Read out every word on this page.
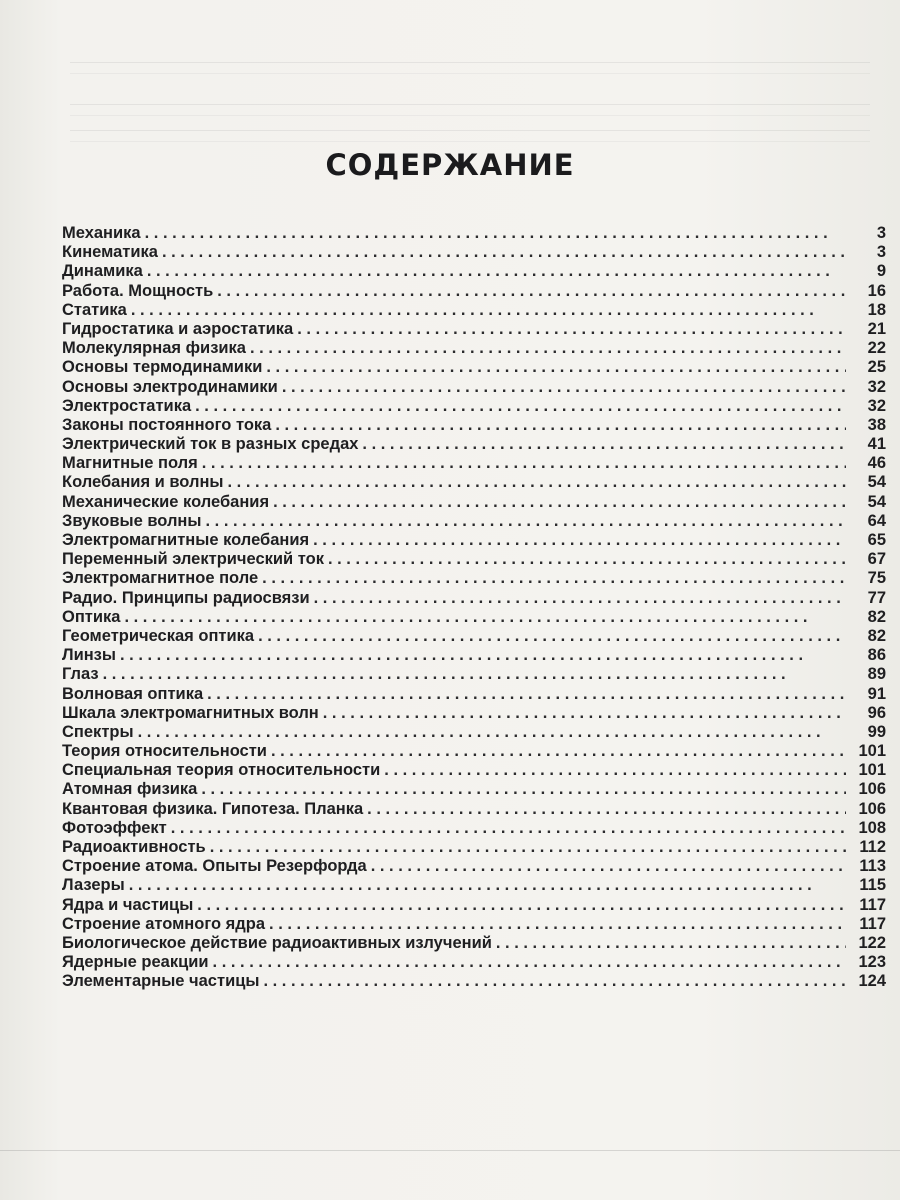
СОДЕРЖАНИЕ
Механика . . .	3
Кинематика . . .	3
Динамика . . .	9
Работа. Мощность . . .	16
Статика . . .	18
Гидростатика и аэростатика . . .	21
Молекулярная физика . . .	22
Основы термодинамики . . .	25
Основы электродинамики . . .	32
Электростатика . . .	32
Законы постоянного тока . . .	38
Электрический ток в разных средах . . .	41
Магнитные поля . . .	46
Колебания и волны . . .	54
Механические колебания . . .	54
Звуковые волны . . .	64
Электромагнитные колебания . . .	65
Переменный электрический ток . . .	67
Электромагнитное поле . . .	75
Радио. Принципы радиосвязи . . .	77
Оптика . . .	82
Геометрическая оптика . . .	82
Линзы . . .	86
Глаз . . .	89
Волновая оптика . . .	91
Шкала электромагнитных волн . . .	96
Спектры . . .	99
Теория относительности . . .	101
Специальная теория относительности . . .	101
Атомная физика . . .	106
Квантовая физика. Гипотеза. Планка . . .	106
Фотоэффект . . .	108
Радиоактивность . . .	112
Строение атома. Опыты Резерфорда . . .	113
Лазеры . . .	115
Ядра и частицы . . .	117
Строение атомного ядра . . .	117
Биологическое действие радиоактивных излучений . . .	122
Ядерные реакции . . .	123
Элементарные частицы . . .	124
